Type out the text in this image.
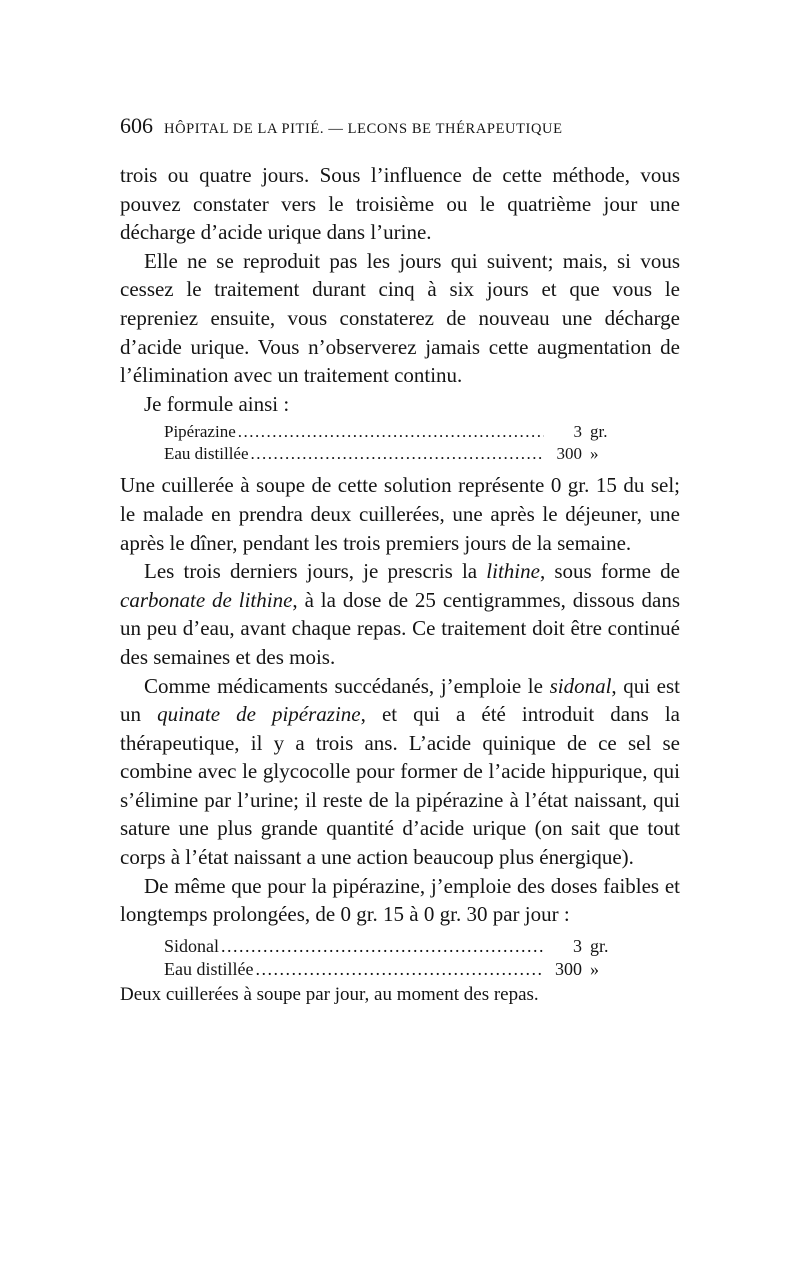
606 HÔPITAL DE LA PITIÉ. — LECONS BE THÉRAPEUTIQUE

trois ou quatre jours. Sous l’influence de cette méthode, vous pouvez constater vers le troisième ou le quatrième jour une décharge d’acide urique dans l’urine.

Elle ne se reproduit pas les jours qui suivent; mais, si vous cessez le traitement durant cinq à six jours et que vous le repreniez ensuite, vous constaterez de nouveau une décharge d’acide urique. Vous n’observerez jamais cette augmentation de l’élimination avec un traitement continu.

Je formule ainsi :

Pipérazine .....	3 gr.
Eau distillée .....	300 »

Une cuillerée à soupe de cette solution représente 0 gr. 15 du sel; le malade en prendra deux cuillerées, une après le déjeuner, une après le dîner, pendant les trois premiers jours de la semaine.

Les trois derniers jours, je prescris la lithine, sous forme de carbonate de lithine, à la dose de 25 centigrammes, dissous dans un peu d’eau, avant chaque repas. Ce traitement doit être continué des semaines et des mois.

Comme médicaments succédanés, j’emploie le sidonal, qui est un quinate de pipérazine, et qui a été introduit dans la thérapeutique, il y a trois ans. L’acide quinique de ce sel se combine avec le glycocolle pour former de l’acide hippurique, qui s’élimine par l’urine; il reste de la pipérazine à l’état naissant, qui sature une plus grande quantité d’acide urique (on sait que tout corps à l’état naissant a une action beaucoup plus énergique).

De même que pour la pipérazine, j’emploie des doses faibles et longtemps prolongées, de 0 gr. 15 à 0 gr. 30 par jour :

Sidonal .....	3 gr.
Eau distillée .....	300 »
Deux cuillerées à soupe par jour, au moment des repas.
